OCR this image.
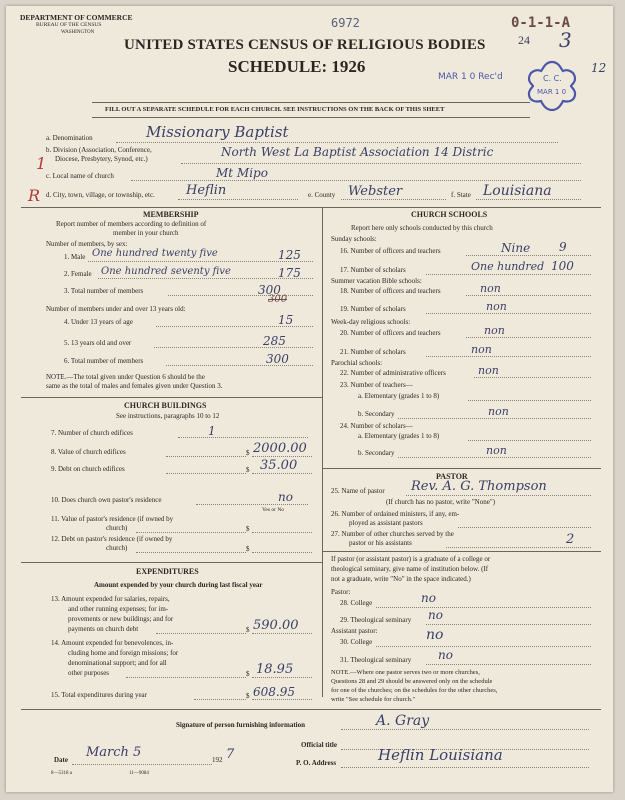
DEPARTMENT OF COMMERCE
BUREAU OF THE CENSUS
WASHINGTON
UNITED STATES CENSUS OF RELIGIOUS BODIES
SCHEDULE: 1926
6972	0-1-1-A
24 3
12
MAR 1 0 Rec'd	C. C.
MAR 1 0
FILL OUT A SEPARATE SCHEDULE FOR EACH CHURCH. SEE INSTRUCTIONS ON THE BACK OF THIS SHEET
1
R
a. Denomination	Missionary Baptist
b. Division (Association, Conference,
Diocese, Presbytery, Synod, etc.)	North West La Baptist Association 14 Distric
c. Local name of church	Mt Mipo
d. City, town, village, or township, etc. Heflin	e. County Webster	f. State Louisiana
MEMBERSHIP
Report number of members according to definition of
member in your church
Number of members, by sex:
1. Male One hundred twenty five	125
2. Female One hundred seventy five	175
3. Total number of members	300
300
Number of members under and over 13 years old:
4. Under 13 years of age	15
5. 13 years old and over	285
6. Total number of members	300
NOTE.—The total given under Question 6 should be the
same as the total of males and females given under Question 3.
CHURCH BUILDINGS
See instructions, paragraphs 10 to 12
7. Number of church edifices	1
8. Value of church edifices	$ 2000.00
9. Debt on church edifices	$ 35.00
10. Does church own pastor's residence	no
Yes or No
11. Value of pastor's residence (if owned by
church)	$
12. Debt on pastor's residence (if owned by
church)	$
EXPENDITURES
Amount expended by your church during last fiscal year
13. Amount expended for salaries, repairs,
and other running expenses; for im-
provements or new buildings; and for
payments on church debt	$ 590.00
14. Amount expended for benevolences, in-
cluding home and foreign missions; for
denominational support; and for all
other purposes	$ 18.95
15. Total expenditures during year	$ 608.95
CHURCH SCHOOLS
Report here only schools conducted by this church
Sunday schools:
16. Number of officers and teachers	Nine 9
17. Number of scholars	One hundred 100
Summer vacation Bible schools:
18. Number of officers and teachers	non
19. Number of scholars	non
Week-day religious schools:
20. Number of officers and teachers	non
21. Number of scholars	non
Parochial schools:
22. Number of administrative officers	non
23. Number of teachers—
a. Elementary (grades 1 to 8)
b. Secondary	non
24. Number of scholars—
a. Elementary (grades 1 to 8)
b. Secondary	non
PASTOR
25. Name of pastor Rev. A. G. Thompson
(If church has no pastor, write "None")
26. Number of ordained ministers, if any, em-
ployed as assistant pastors
27. Number of other churches served by the
pastor or his assistants	2
If pastor (or assistant pastor) is a graduate of a college or
theological seminary, give name of institution below. (If
not a graduate, write "No" in the space indicated.)
Pastor:
28. College	no
29. Theological seminary no
Assistant pastor:
30. College	no
31. Theological seminary no
NOTE.—Where one pastor serves two or more churches,
Questions 28 and 29 should be answered only on the schedule
for one of the churches; on the schedules for the other churches,
write "See schedule for church."
Signature of person furnishing information	A. Gray
Official title
Date March 5	192 7
P. O. Address	Heflin Louisiana
8—5318 a	11—9084
